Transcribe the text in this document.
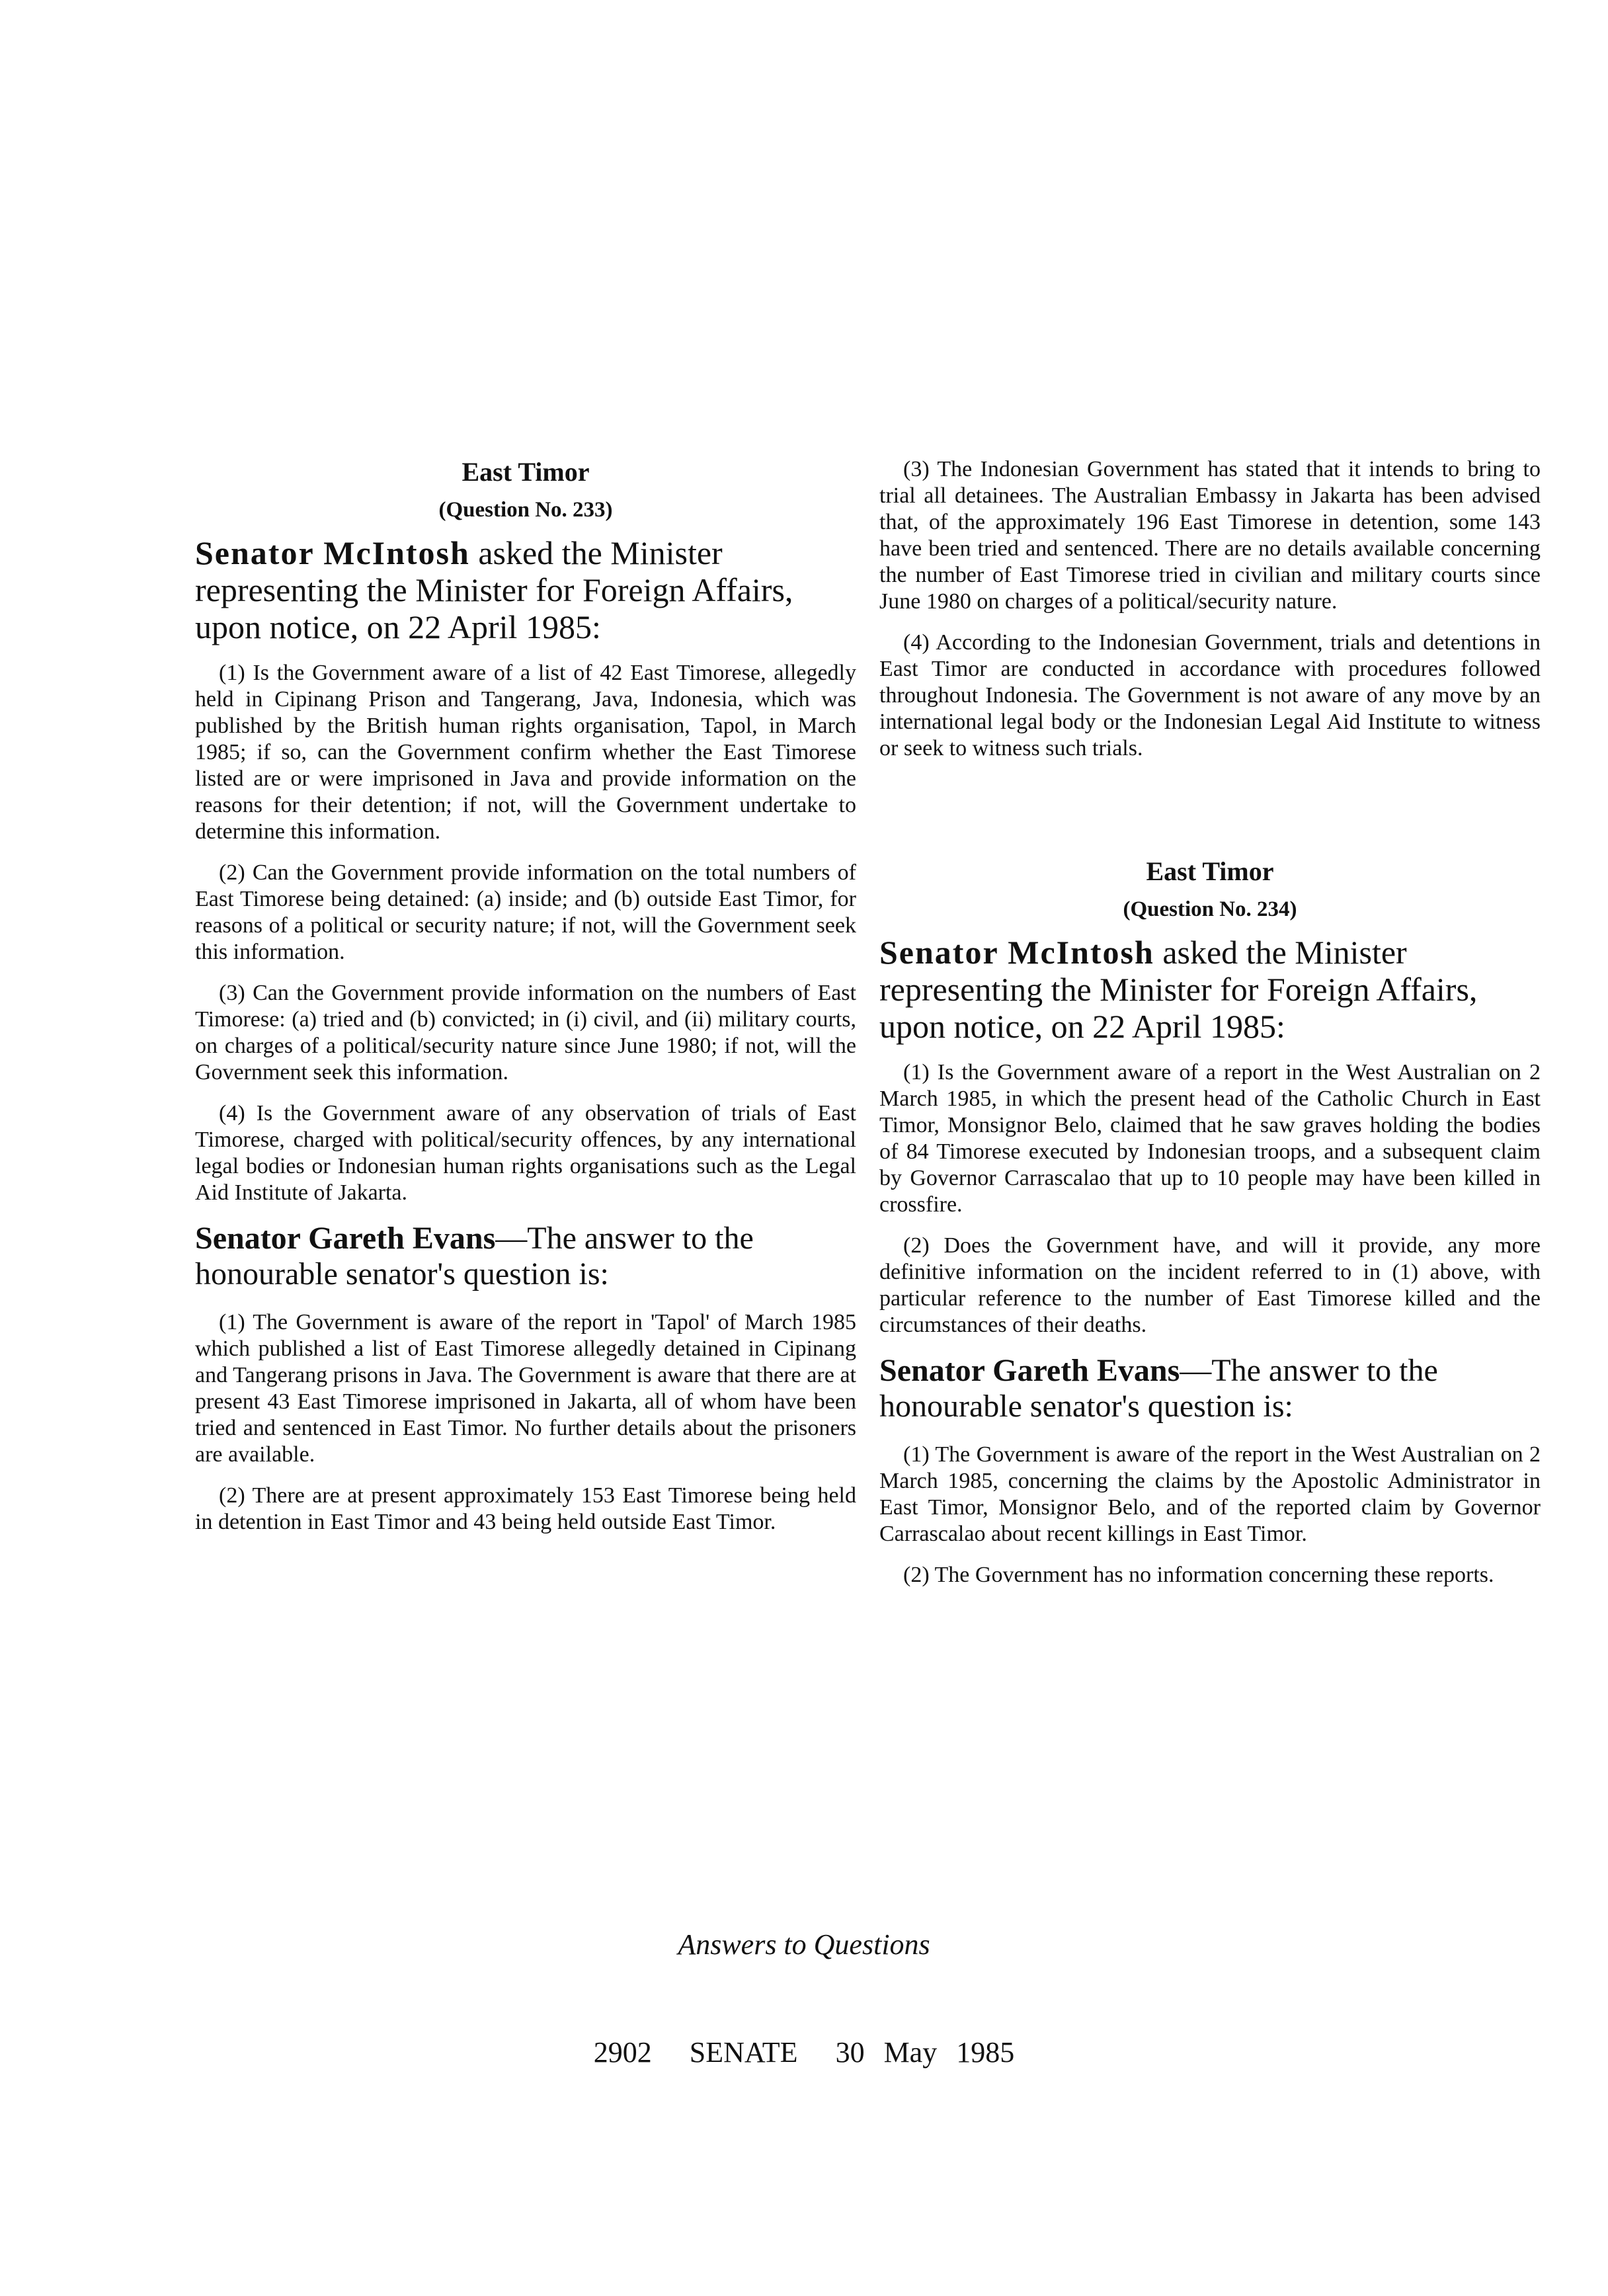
East Timor
(Question No. 233)
Senator McIntosh asked the Minister representing the Minister for Foreign Affairs, upon notice, on 22 April 1985:

(1) Is the Government aware of a list of 42 East Timorese, allegedly held in Cipinang Prison and Tangerang, Java, Indonesia, which was published by the British human rights organisation, Tapol, in March 1985; if so, can the Government confirm whether the East Timorese listed are or were imprisoned in Java and provide information on the reasons for their detention; if not, will the Government undertake to determine this information.

(2) Can the Government provide information on the total numbers of East Timorese being detained: (a) inside; and (b) outside East Timor, for reasons of a political or security nature; if not, will the Government seek this information.

(3) Can the Government provide information on the numbers of East Timorese: (a) tried and (b) convicted; in (i) civil, and (ii) military courts, on charges of a political/security nature since June 1980; if not, will the Government seek this information.

(4) Is the Government aware of any observation of trials of East Timorese, charged with political/security offences, by any international legal bodies or Indonesian human rights organisations such as the Legal Aid Institute of Jakarta.

Senator Gareth Evans—The answer to the honourable senator's question is:

(1) The Government is aware of the report in 'Tapol' of March 1985 which published a list of East Timorese allegedly detained in Cipinang and Tangerang prisons in Java. The Government is aware that there are at present 43 East Timorese imprisoned in Jakarta, all of whom have been tried and sentenced in East Timor. No further details about the prisoners are available.

(2) There are at present approximately 153 East Timorese being held in detention in East Timor and 43 being held outside East Timor.

(3) The Indonesian Government has stated that it intends to bring to trial all detainees. The Australian Embassy in Jakarta has been advised that, of the approximately 196 East Timorese in detention, some 143 have been tried and sentenced. There are no details available concerning the number of East Timorese tried in civilian and military courts since June 1980 on charges of a political/security nature.

(4) According to the Indonesian Government, trials and detentions in East Timor are conducted in accordance with procedures followed throughout Indonesia. The Government is not aware of any move by an international legal body or the Indonesian Legal Aid Institute to witness or seek to witness such trials.

East Timor
(Question No. 234)
Senator McIntosh asked the Minister representing the Minister for Foreign Affairs, upon notice, on 22 April 1985:

(1) Is the Government aware of a report in the West Australian on 2 March 1985, in which the present head of the Catholic Church in East Timor, Monsignor Belo, claimed that he saw graves holding the bodies of 84 Timorese executed by Indonesian troops, and a subsequent claim by Governor Carrascalao that up to 10 people may have been killed in crossfire.

(2) Does the Government have, and will it provide, any more definitive information on the incident referred to in (1) above, with particular reference to the number of East Timorese killed and the circumstances of their deaths.

Senator Gareth Evans—The answer to the honourable senator's question is:

(1) The Government is aware of the report in the West Australian on 2 March 1985, concerning the claims by the Apostolic Administrator in East Timor, Monsignor Belo, and of the reported claim by Governor Carrascalao about recent killings in East Timor.

(2) The Government has no information concerning these reports.

Answers to Questions
2902 SENATE 30 May 1985
